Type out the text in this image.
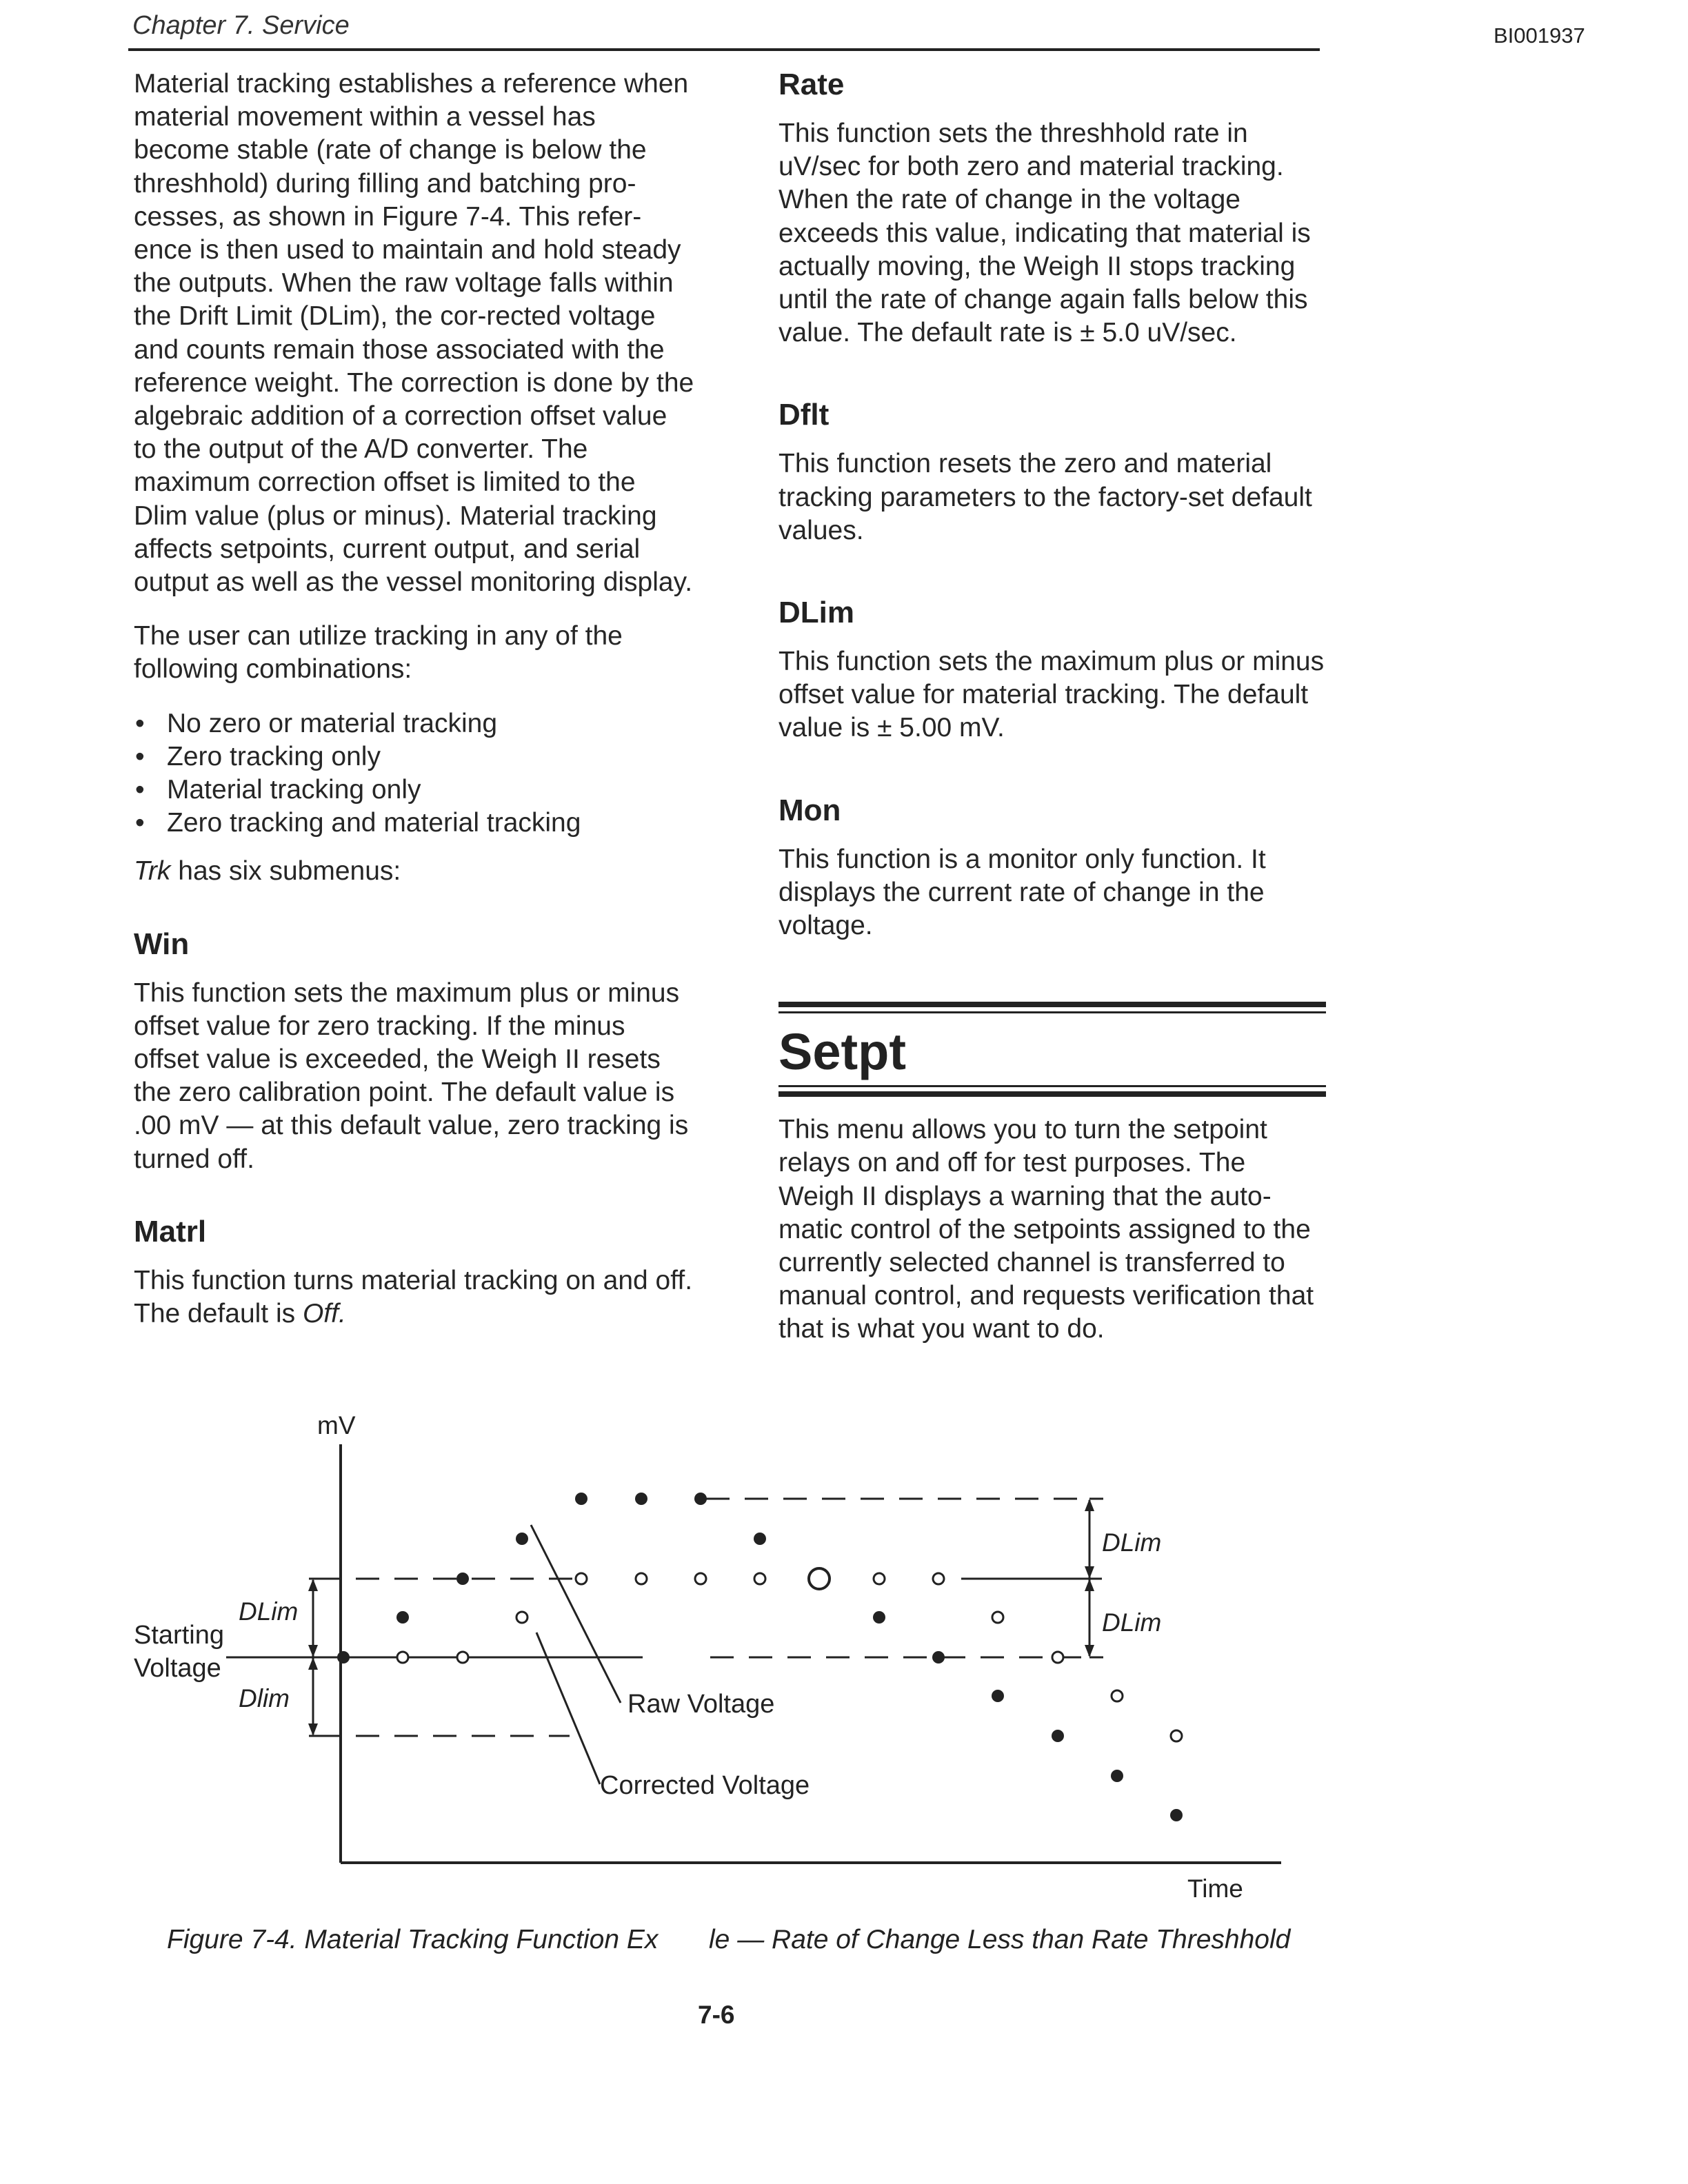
Chapter 7. Service	BI001937

Material tracking establishes a reference when material movement within a vessel has become stable (rate of change is below the threshhold) during filling and batching pro-cesses, as shown in Figure 7-4. This refer-ence is then used to maintain and hold steady the outputs. When the raw voltage falls within the Drift Limit (DLim), the cor-rected voltage and counts remain those associated with the reference weight. The correction is done by the algebraic addition of a correction offset value to the output of the A/D converter. The maximum correction offset is limited to the Dlim value (plus or minus). Material tracking affects setpoints, current output, and serial output as well as the vessel monitoring display.

The user can utilize tracking in any of the following combinations:

• No zero or material tracking
• Zero tracking only
• Material tracking only
• Zero tracking and material tracking

Trk has six submenus:

Win

This function sets the maximum plus or minus offset value for zero tracking. If the minus offset value is exceeded, the Weigh II resets the zero calibration point. The default value is .00 mV — at this default value, zero tracking is turned off.

Matrl

This function turns material tracking on and off. The default is Off.

Rate

This function sets the threshhold rate in uV/sec for both zero and material tracking. When the rate of change in the voltage exceeds this value, indicating that material is actually moving, the Weigh II stops tracking until the rate of change again falls below this value. The default rate is ± 5.0 uV/sec.

Dflt

This function resets the zero and material tracking parameters to the factory-set default values.

DLim

This function sets the maximum plus or minus offset value for material tracking. The default value is ± 5.00 mV.

Mon

This function is a monitor only function. It displays the current rate of change in the voltage.

Setpt

This menu allows you to turn the setpoint relays on and off for test purposes. The Weigh II displays a warning that the auto-matic control of the setpoints assigned to the currently selected channel is transferred to manual control, and requests verification that that is what you want to do.

mV
Time
Starting
Voltage
DLim
Dlim
DLim
DLim
Raw Voltage
Corrected Voltage
Figure 7-4. Material Tracking Function Ex le — Rate of Change Less than Rate Threshhold
7-6
